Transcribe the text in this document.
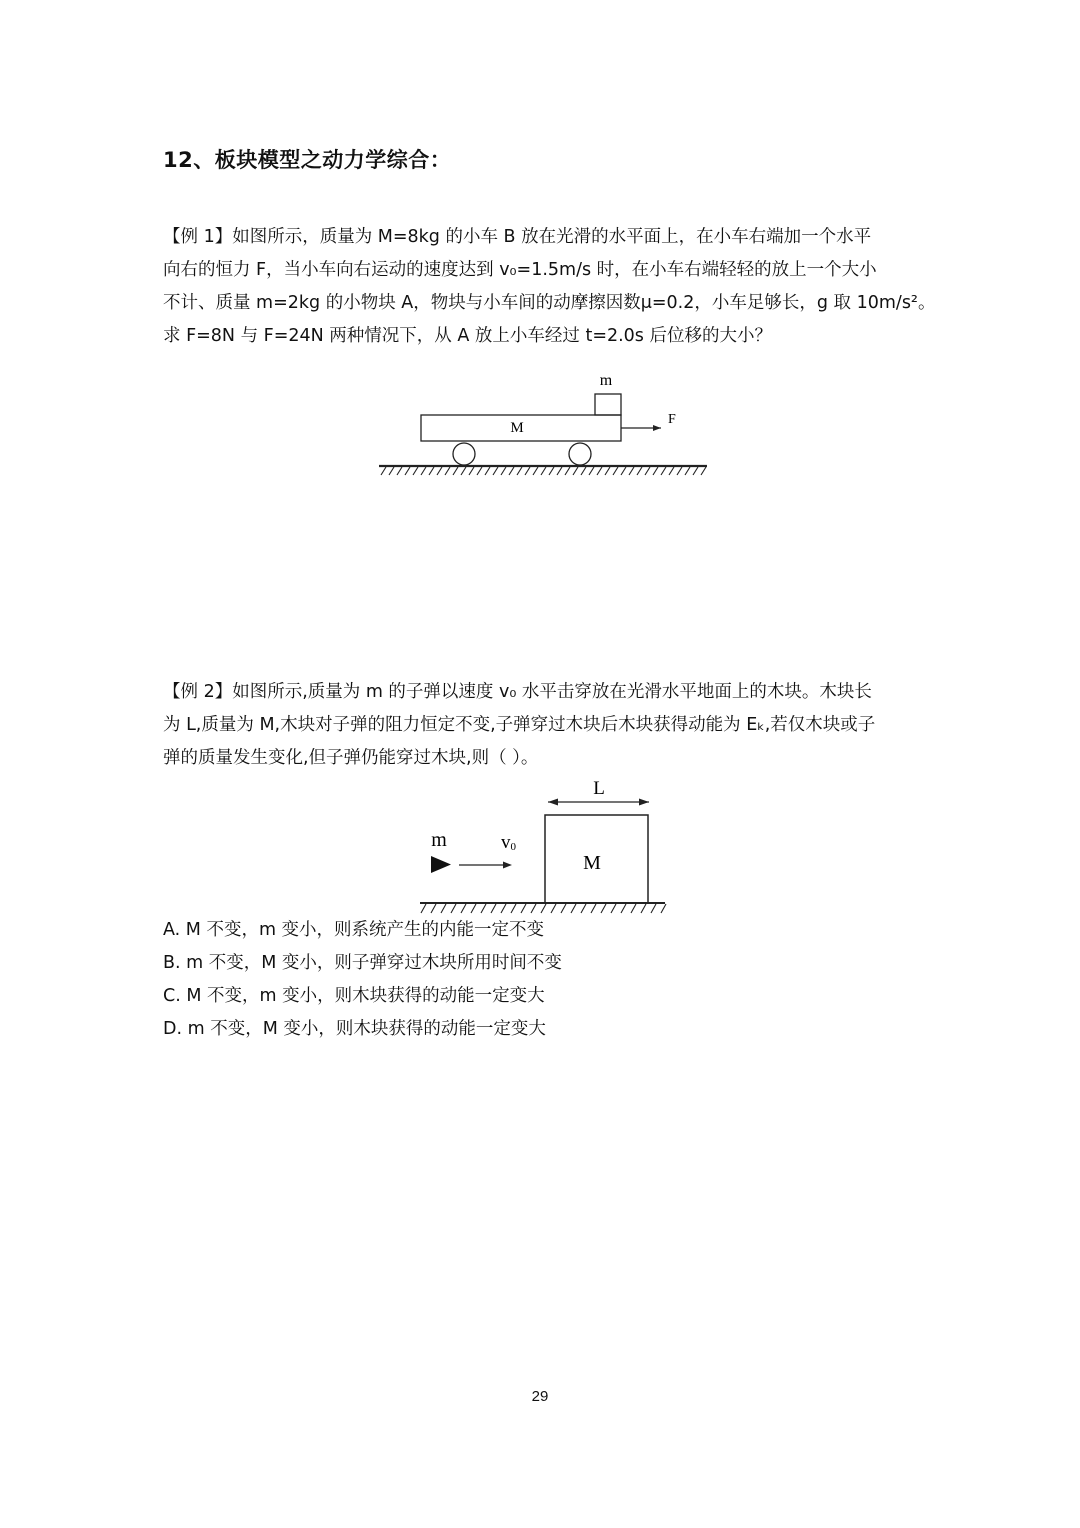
12、板块模型之动力学综合：
【例 1】如图所示，质量为 M=8kg 的小车 B 放在光滑的水平面上，在小车右端加一个水平
向右的恒力 F，当小车向右运动的速度达到 v₀=1.5m/s 时，在小车右端轻轻的放上一个大小
不计、质量 m=2kg 的小物块 A，物块与小车间的动摩擦因数μ=0.2，小车足够长，g 取 10m/s²。
求 F=8N 与 F=24N 两种情况下，从 A 放上小车经过 t=2.0s 后位移的大小？
m
M
F
【例 2】如图所示,质量为 m 的子弹以速度 v₀ 水平击穿放在光滑水平地面上的木块。木块长
为 L,质量为 M,木块对子弹的阻力恒定不变,子弹穿过木块后木块获得动能为 Eₖ,若仅木块或子
弹的质量发生变化,但子弹仍能穿过木块,则（ ）。
L
M
m	v0
A. M 不变，m 变小，则系统产生的内能一定不变
B. m 不变，M 变小，则子弹穿过木块所用时间不变
C. M 不变，m 变小，则木块获得的动能一定变大
D. m 不变，M 变小，则木块获得的动能一定变大
29
